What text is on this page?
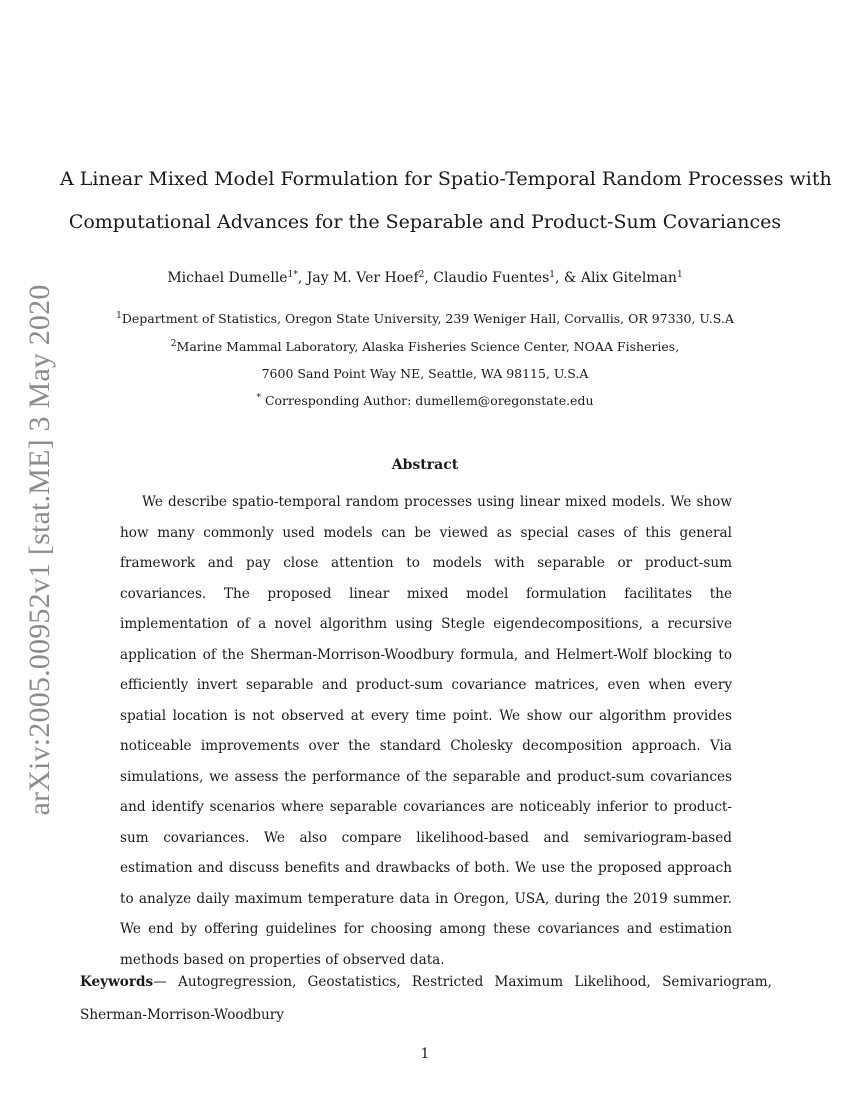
arXiv:2005.00952v1 [stat.ME] 3 May 2020
A Linear Mixed Model Formulation for Spatio-Temporal Random Processes with
Computational Advances for the Separable and Product-Sum Covariances
Michael Dumelle$^{1*}$, Jay M. Ver Hoef$^2$, Claudio Fuentes$^1$, & Alix Gitelman$^1$
$^1$Department of Statistics, Oregon State University, 239 Weniger Hall, Corvallis, OR 97330, U.S.A
$^2$Marine Mammal Laboratory, Alaska Fisheries Science Center, NOAA Fisheries,
7600 Sand Point Way NE, Seattle, WA 98115, U.S.A
* Corresponding Author: dumellem@oregonstate.edu
Abstract

We describe spatio-temporal random processes using linear mixed models. We show how many commonly used models can be viewed as special cases of this general framework and pay close attention to models with separable or product-sum covariances. The proposed linear mixed model formulation facilitates the implementation of a novel algorithm using Stegle eigendecompositions, a recursive application of the Sherman-Morrison-Woodbury formula, and Helmert-Wolf blocking to efficiently invert separable and product-sum covariance matrices, even when every spatial location is not observed at every time point. We show our algorithm provides noticeable improvements over the standard Cholesky decomposition approach. Via simulations, we assess the performance of the separable and product-sum covariances and identify scenarios where separable covariances are noticeably inferior to product-sum covariances. We also compare likelihood-based and semivariogram-based estimation and discuss benefits and drawbacks of both. We use the proposed approach to analyze daily maximum temperature data in Oregon, USA, during the 2019 summer. We end by offering guidelines for choosing among these covariances and estimation methods based on properties of observed data.

Keywords— Autogregression, Geostatistics, Restricted Maximum Likelihood, Semivariogram, Sherman-Morrison-Woodbury

1
